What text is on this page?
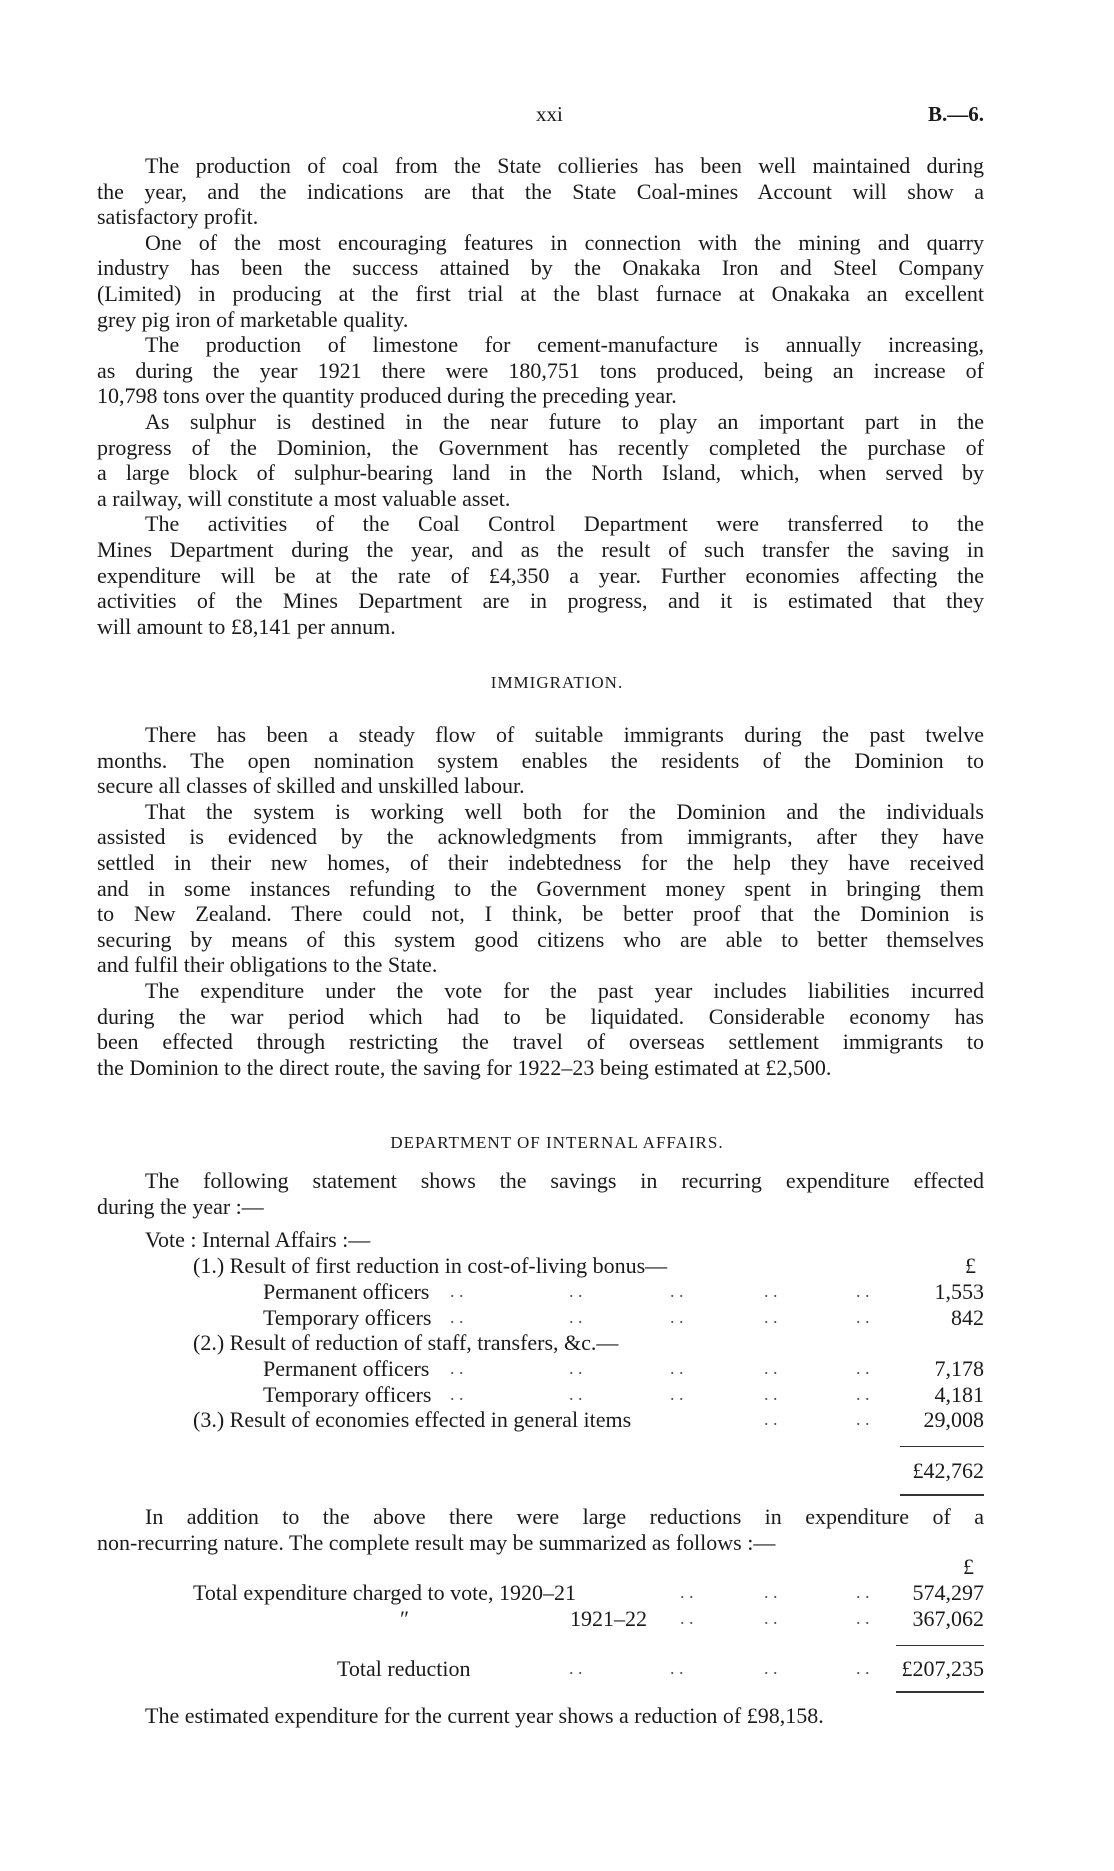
xxi	B.—6.
The production of coal from the State collieries has been well maintained during
the year, and the indications are that the State Coal-mines Account will show a
satisfactory profit.
One of the most encouraging features in connection with the mining and quarry
industry has been the success attained by the Onakaka Iron and Steel Company
(Limited) in producing at the first trial at the blast furnace at Onakaka an excellent
grey pig iron of marketable quality.
The production of limestone for cement-manufacture is annually increasing,
as during the year 1921 there were 180,751 tons produced, being an increase of
10,798 tons over the quantity produced during the preceding year.
As sulphur is destined in the near future to play an important part in the
progress of the Dominion, the Government has recently completed the purchase of
a large block of sulphur-bearing land in the North Island, which, when served by
a railway, will constitute a most valuable asset.
The activities of the Coal Control Department were transferred to the
Mines Department during the year, and as the result of such transfer the saving in
expenditure will be at the rate of £4,350 a year. Further economies affecting the
activities of the Mines Department are in progress, and it is estimated that they
will amount to £8,141 per annum.
IMMIGRATION.
There has been a steady flow of suitable immigrants during the past twelve
months. The open nomination system enables the residents of the Dominion to
secure all classes of skilled and unskilled labour.
That the system is working well both for the Dominion and the individuals
assisted is evidenced by the acknowledgments from immigrants, after they have
settled in their new homes, of their indebtedness for the help they have received
and in some instances refunding to the Government money spent in bringing them
to New Zealand. There could not, I think, be better proof that the Dominion is
securing by means of this system good citizens who are able to better themselves
and fulfil their obligations to the State.
The expenditure under the vote for the past year includes liabilities incurred
during the war period which had to be liquidated. Considerable economy has
been effected through restricting the travel of overseas settlement immigrants to
the Dominion to the direct route, the saving for 1922–23 being estimated at £2,500.
DEPARTMENT OF INTERNAL AFFAIRS.
The following statement shows the savings in recurring expenditure effected
during the year :—
Vote : Internal Affairs :—
(1.) Result of first reduction in cost-of-living bonus—	£
Permanent officers . .	. .	. .	. .	. .	1,553
Temporary officers . .	. .	. .	. .	. .	842
(2.) Result of reduction of staff, transfers, &c.—
Permanent officers . .	. .	. .	. .	. .	7,178
Temporary officers . .	. .	. .	. .	. .	4,181
(3.) Result of economies effected in general items	. .	. . 29,008
£42,762
In addition to the above there were large reductions in expenditure of a
non-recurring nature. The complete result may be summarized as follows :—
£
Total expenditure charged to vote, 1920–21	. .	. .	. . 574,297
″	1921–22 . .	. .	. . 367,062
Total reduction	. .	. .	. .	. . £207,235
The estimated expenditure for the current year shows a reduction of £98,158.
